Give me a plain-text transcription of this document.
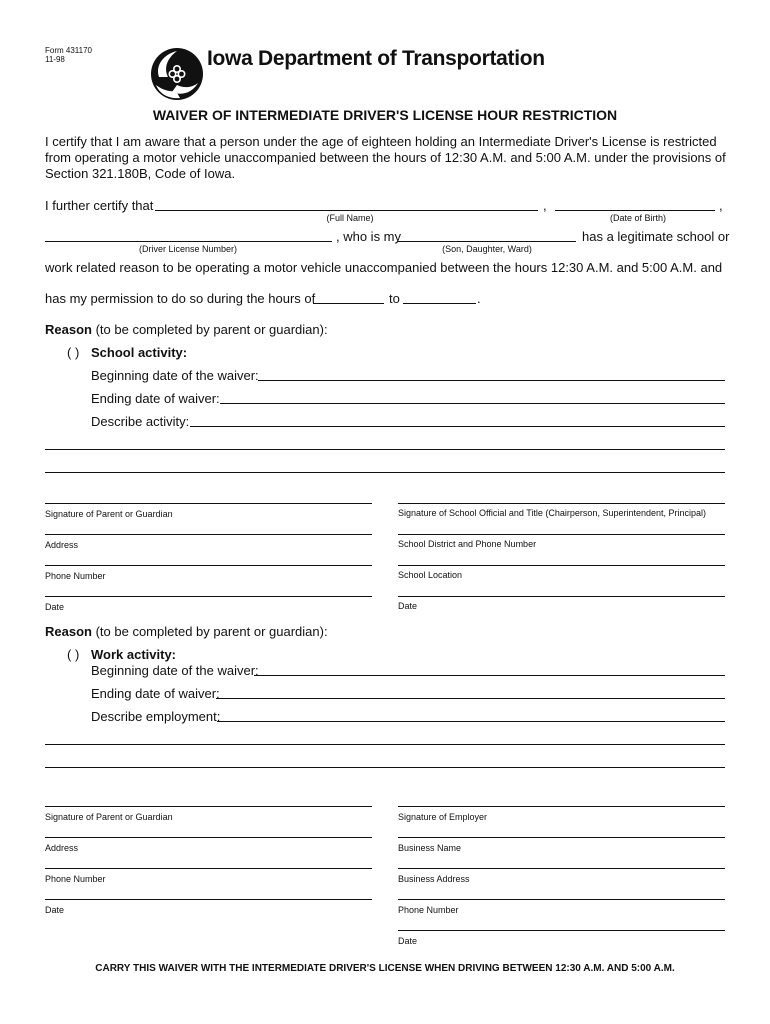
Form 431170
11-98	Iowa Department of Transportation
WAIVER OF INTERMEDIATE DRIVER'S LICENSE HOUR RESTRICTION
I certify that I am aware that a person under the age of eighteen holding an Intermediate Driver's License is restricted from operating a motor vehicle unaccompanied between the hours of 12:30 A.M. and 5:00 A.M. under the provisions of Section 321.180B, Code of Iowa.
I further certify that	,	,
(Full Name)	(Date of Birth)
, who is my	has a legitimate school or
(Driver License Number)	(Son, Daughter, Ward)
work related reason to be operating a motor vehicle unaccompanied between the hours 12:30 A.M. and 5:00 A.M. and
has my permission to do so during the hours of	to	.
Reason (to be completed by parent or guardian):
( ) School activity:
Beginning date of the waiver:
Ending date of waiver:
Describe activity:
Signature of Parent or Guardian	Signature of School Official and Title (Chairperson, Superintendent, Principal)
Address	School District and Phone Number
Phone Number	School Location
Date	Date
Reason (to be completed by parent or guardian):
( ) Work activity:
Beginning date of the waiver:
Ending date of waiver:
Describe employment:
Signature of Parent or Guardian	Signature of Employer
Address	Business Name
Phone Number	Business Address
Date	Phone Number
Date
CARRY THIS WAIVER WITH THE INTERMEDIATE DRIVER'S LICENSE WHEN DRIVING BETWEEN 12:30 A.M. AND 5:00 A.M.
